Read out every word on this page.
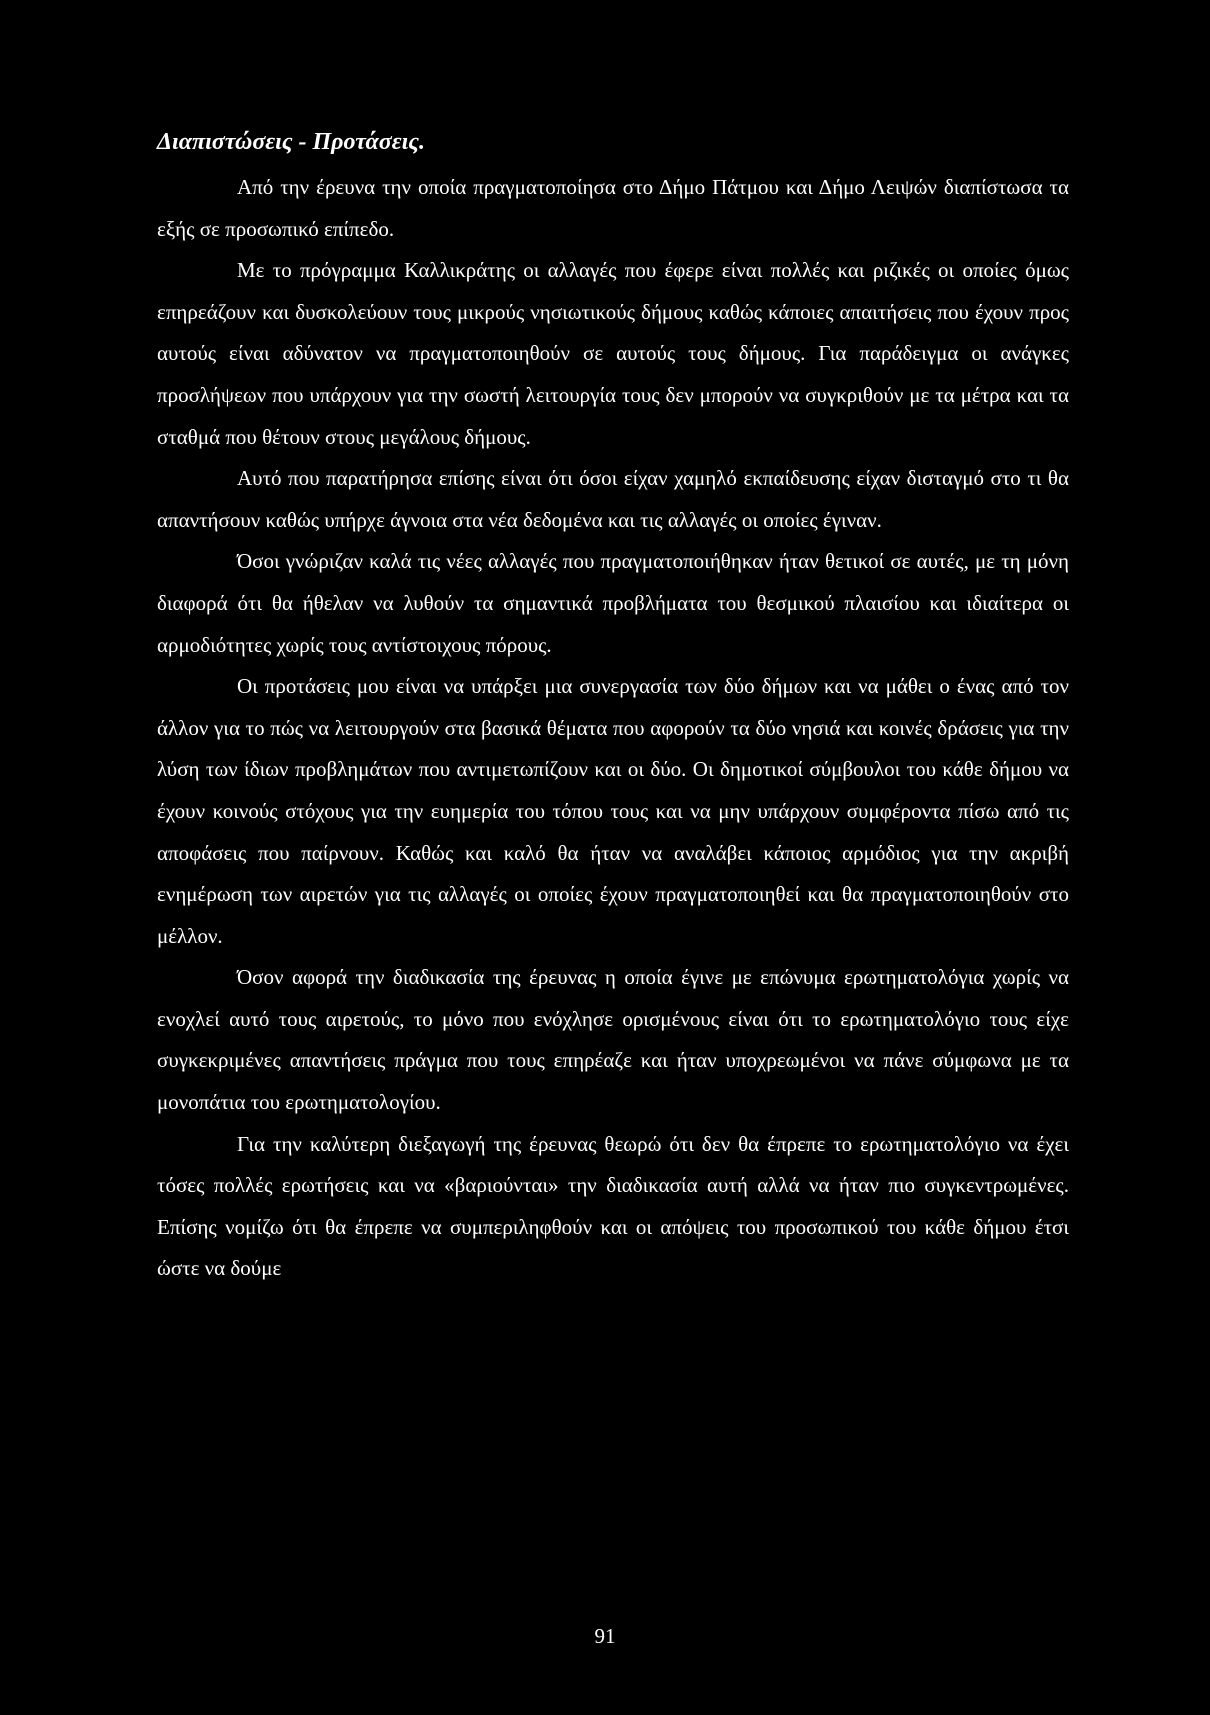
Διαπιστώσεις - Προτάσεις.

Από την έρευνα την οποία πραγματοποίησα στο Δήμο Πάτμου και Δήμο Λειψών διαπίστωσα τα εξής σε προσωπικό επίπεδο.

Με το πρόγραμμα Καλλικράτης οι αλλαγές που έφερε είναι πολλές και ριζικές οι οποίες όμως επηρεάζουν και δυσκολεύουν τους μικρούς νησιωτικούς δήμους καθώς κάποιες απαιτήσεις που έχουν προς αυτούς είναι αδύνατον να πραγματοποιηθούν σε αυτούς τους δήμους. Για παράδειγμα οι ανάγκες προσλήψεων που υπάρχουν για την σωστή λειτουργία τους δεν μπορούν να συγκριθούν με τα μέτρα και τα σταθμά που θέτουν στους μεγάλους δήμους.

Αυτό που παρατήρησα επίσης είναι ότι όσοι είχαν χαμηλό εκπαίδευσης είχαν δισταγμό στο τι θα απαντήσουν καθώς υπήρχε άγνοια στα νέα δεδομένα και τις αλλαγές οι οποίες έγιναν.

Όσοι γνώριζαν καλά τις νέες αλλαγές που πραγματοποιήθηκαν ήταν θετικοί σε αυτές, με τη μόνη διαφορά ότι θα ήθελαν να λυθούν τα σημαντικά προβλήματα του θεσμικού πλαισίου και ιδιαίτερα οι αρμοδιότητες χωρίς τους αντίστοιχους πόρους.

Οι προτάσεις μου είναι να υπάρξει μια συνεργασία των δύο δήμων και να μάθει ο ένας από τον άλλον για το πώς να λειτουργούν στα βασικά θέματα που αφορούν τα δύο νησιά και κοινές δράσεις για την λύση των ίδιων προβλημάτων που αντιμετωπίζουν και οι δύο. Οι δημοτικοί σύμβουλοι του κάθε δήμου να έχουν κοινούς στόχους για την ευημερία του τόπου τους και να μην υπάρχουν συμφέροντα πίσω από τις αποφάσεις που παίρνουν. Καθώς και καλό θα ήταν να αναλάβει κάποιος αρμόδιος για την ακριβή ενημέρωση των αιρετών για τις αλλαγές οι οποίες έχουν πραγματοποιηθεί και θα πραγματοποιηθούν στο μέλλον.

Όσον αφορά την διαδικασία της έρευνας η οποία έγινε με επώνυμα ερωτηματολόγια χωρίς να ενοχλεί αυτό τους αιρετούς, το μόνο που ενόχλησε ορισμένους είναι ότι το ερωτηματολόγιο τους είχε συγκεκριμένες απαντήσεις πράγμα που τους επηρέαζε και ήταν υποχρεωμένοι να πάνε σύμφωνα με τα μονοπάτια του ερωτηματολογίου.

Για την καλύτερη διεξαγωγή της έρευνας θεωρώ ότι δεν θα έπρεπε το ερωτηματολόγιο να έχει τόσες πολλές ερωτήσεις και να «βαριούνται» την διαδικασία αυτή αλλά να ήταν πιο συγκεντρωμένες. Επίσης νομίζω ότι θα έπρεπε να συμπεριληφθούν και οι απόψεις του προσωπικού του κάθε δήμου έτσι ώστε να δούμε

91
